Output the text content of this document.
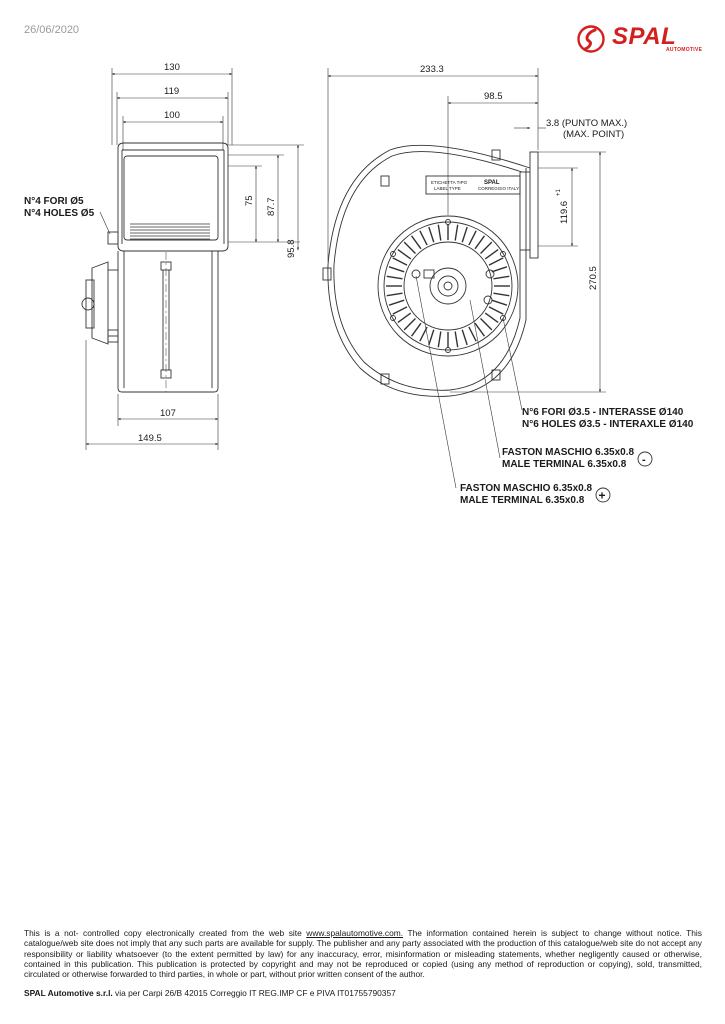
26/06/2020	SPAL
AUTOMOTIVE
130
119
100
107
149.5
75 87.7
95.8
N°4 FORI Ø5
N°4 HOLES Ø5
233.3
98.5
3.8 (PUNTO MAX.)
(MAX. POINT)
119.6
+1
270.5
ETICHETTA TIPO
LABEL TYPE
SPAL
CORREGGIO ITALY
N°6 FORI Ø3.5 - INTERASSE Ø140
N°6 HOLES Ø3.5 - INTERAXLE Ø140
FASTON MASCHIO 6.35x0.8
MALE TERMINAL 6.35x0.8
FASTON MASCHIO 6.35x0.8
MALE TERMINAL 6.35x0.8
-
+
This is a not- controlled copy electronically created from the web site www.spalautomotive.com. The information contained herein is subject to change without notice. This catalogue/web site does not imply that any such parts are available for supply. The publisher and any party associated with the production of this catalogue/web site do not accept any responsibility or liability whatsoever (to the extent permitted by law) for any inaccuracy, error, misinformation or misleading statements, whether negligently caused or otherwise, contained in this publication. This publication is protected by copyright and may not be reproduced or copied (using any method of reproduction or copying), sold, transmitted, circulated or otherwise forwarded to third parties, in whole or part, without prior written consent of the author.
SPAL Automotive s.r.l. via per Carpi 26/B 42015 Correggio IT REG.IMP CF e PIVA IT01755790357
